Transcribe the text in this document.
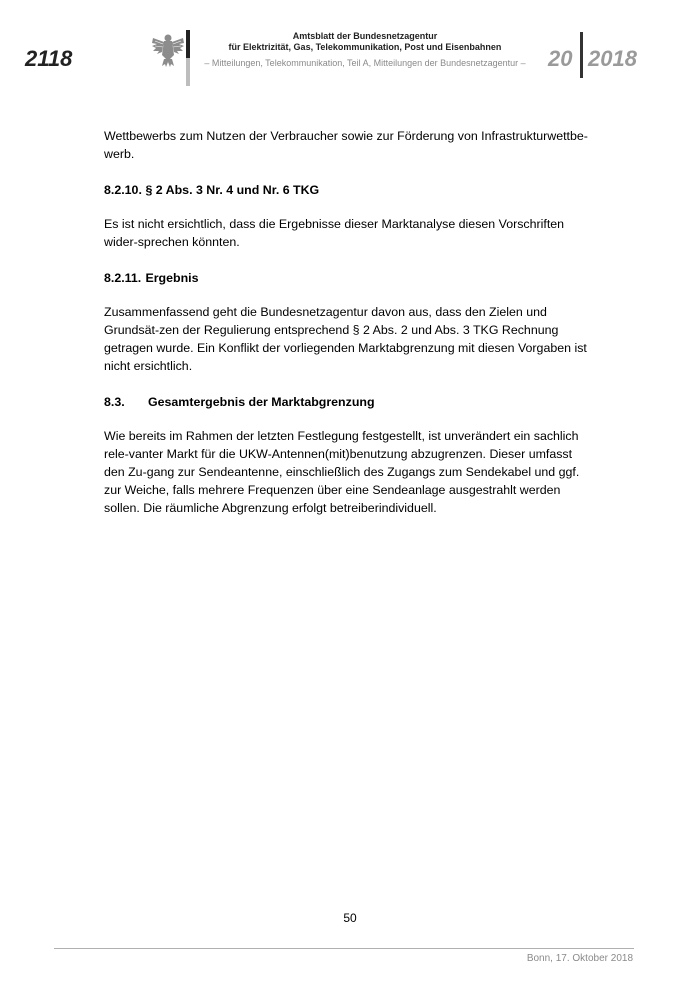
2118
Amtsblatt der Bundesnetzagentur
für Elektrizität, Gas, Telekommunikation, Post und Eisenbahnen
– Mitteilungen, Telekommunikation, Teil A, Mitteilungen der Bundesnetzagentur –	20 2018

Wettbewerbs zum Nutzen der Verbraucher sowie zur Förderung von Infrastrukturwettbe-werb.

8.2.10. § 2 Abs. 3 Nr. 4 und Nr. 6 TKG

Es ist nicht ersichtlich, dass die Ergebnisse dieser Marktanalyse diesen Vorschriften wider-sprechen könnten.

8.2.11. Ergebnis

Zusammenfassend geht die Bundesnetzagentur davon aus, dass den Zielen und Grundsät-zen der Regulierung entsprechend § 2 Abs. 2 und Abs. 3 TKG Rechnung getragen wurde. Ein Konflikt der vorliegenden Marktabgrenzung mit diesen Vorgaben ist nicht ersichtlich.

8.3. Gesamtergebnis der Marktabgrenzung

Wie bereits im Rahmen der letzten Festlegung festgestellt, ist unverändert ein sachlich rele-vanter Markt für die UKW-Antennen(mit)benutzung abzugrenzen. Dieser umfasst den Zu-gang zur Sendeantenne, einschließlich des Zugangs zum Sendekabel und ggf. zur Weiche, falls mehrere Frequenzen über eine Sendeanlage ausgestrahlt werden sollen. Die räumliche Abgrenzung erfolgt betreiberindividuell.

50
Bonn, 17. Oktober 2018
